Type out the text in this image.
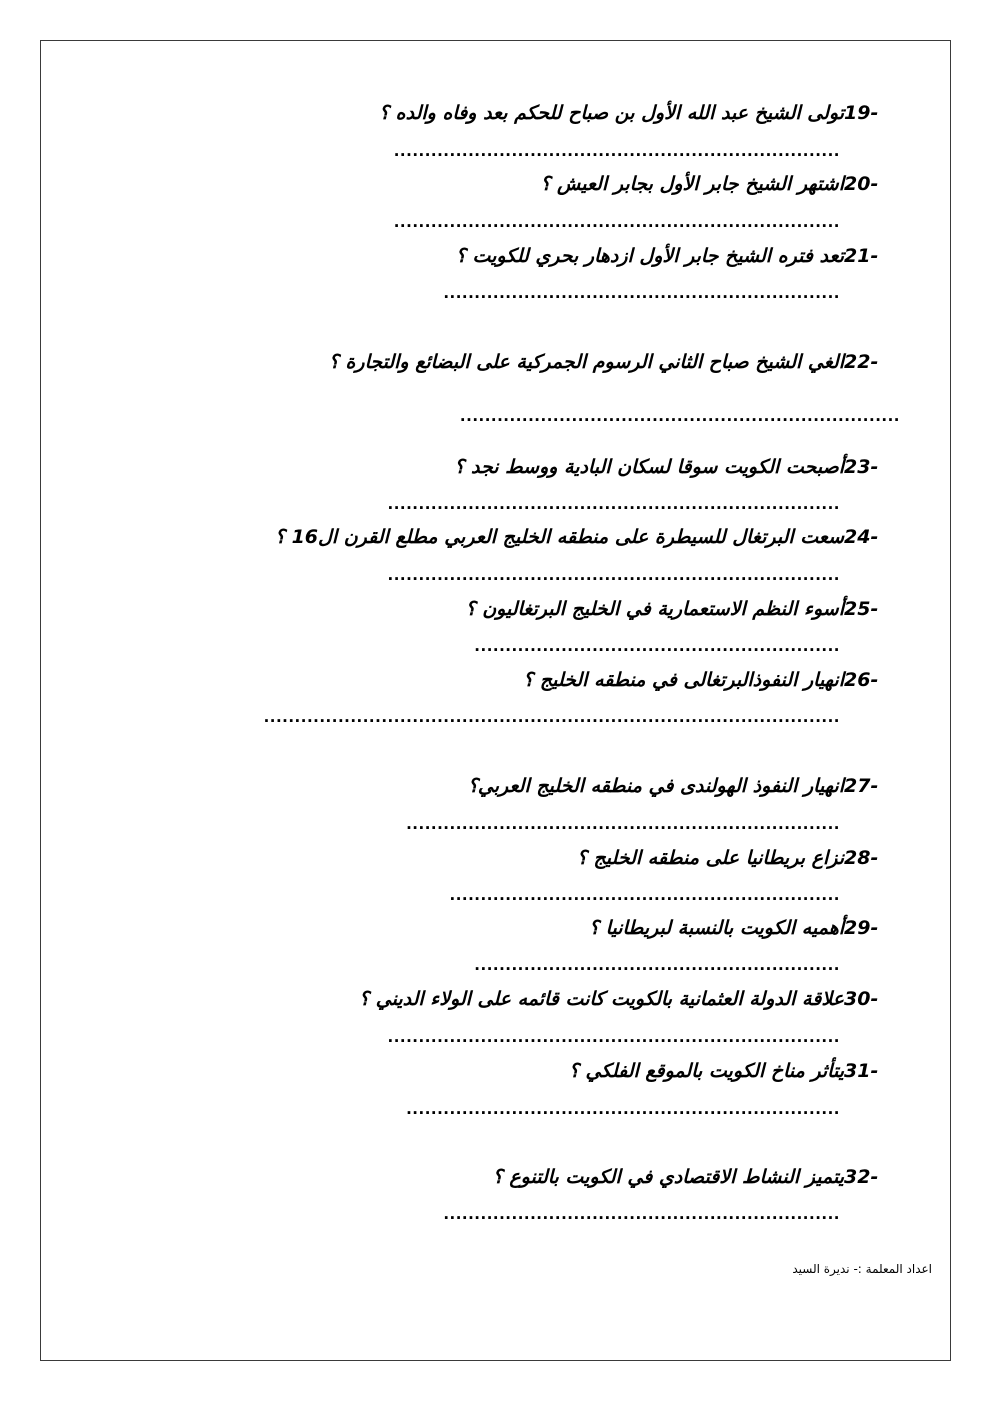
19-تولى الشيخ عبد الله الأول بن صباح للحكم بعد وفاه والده ؟
........................................................................
20-اشتهر الشيخ جابر الأول بجابر العيش ؟
........................................................................
21-تعد فتره الشيخ جابر الأول ازدهار بحري للكويت ؟
................................................................
22-الغي الشيخ صباح الثاني الرسوم الجمركية على البضائع والتجارة ؟
.......................................................................
23-أصبحت الكويت سوقا لسكان البادية ووسط نجد ؟
.........................................................................
24-سعت البرتغال للسيطرة على منطقه الخليج العربي مطلع القرن ال16 ؟
.........................................................................
25-أسوء النظم الاستعمارية في الخليج البرتغاليون ؟
...........................................................
26-انهيار النفوذالبرتغالى في منطقه الخليج ؟
.............................................................................................
27-انهيار النفوذ الهولندى في منطقه الخليج العربي؟
......................................................................
28-نزاع بريطانيا على منطقه الخليج ؟
...............................................................
29-أهميه الكويت بالنسبة لبريطانيا ؟
...........................................................
30-علاقة الدولة العثمانية بالكويت كانت قائمه على الولاء الديني ؟
.........................................................................
31-يتأثر مناخ الكويت بالموقع الفلكي ؟
......................................................................
32-يتميز النشاط الاقتصادي في الكويت بالتنوع ؟
................................................................
اعداد المعلمة :- نديرة السيد
